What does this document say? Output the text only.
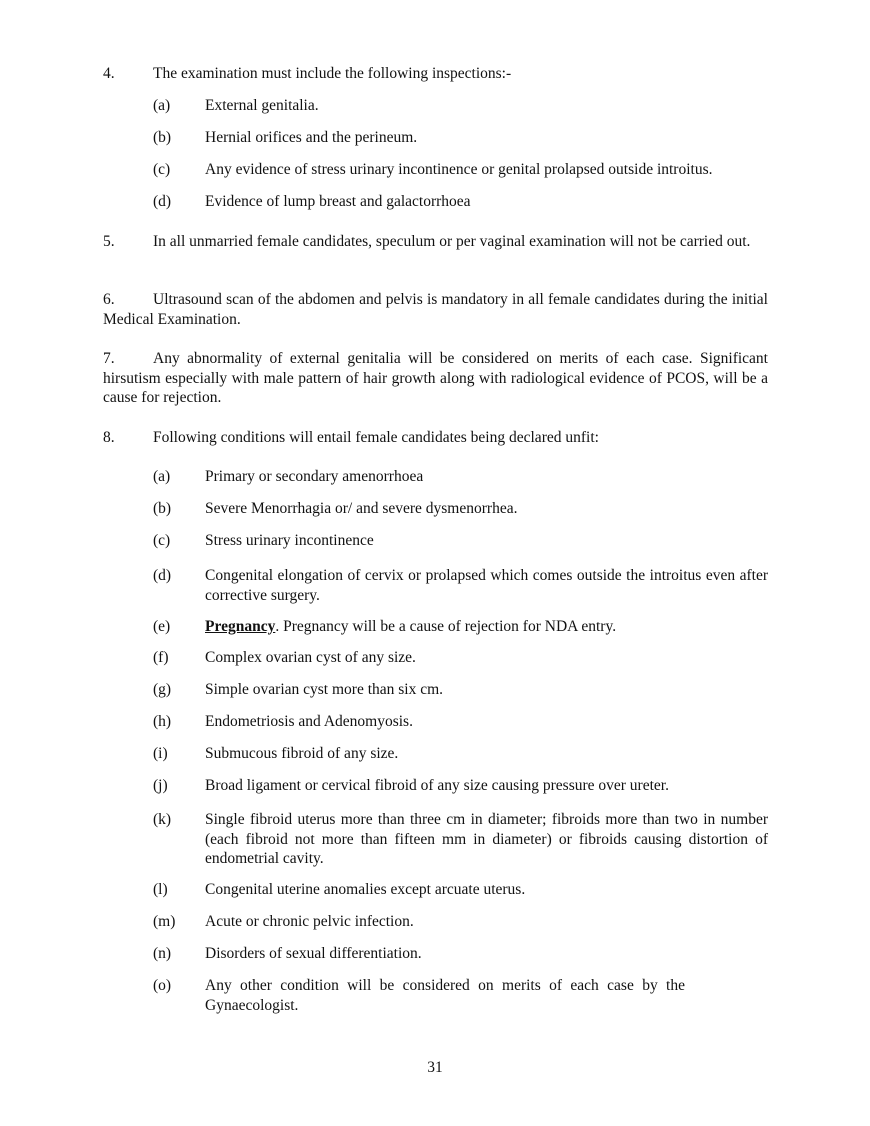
4.	The examination must include the following inspections:-
(a)	External genitalia.
(b)	Hernial orifices and the perineum.
(c)	Any evidence of stress urinary incontinence or genital prolapsed outside introitus.
(d)	Evidence of lump breast and galactorrhoea
5. In all unmarried female candidates, speculum or per vaginal examination will not be carried out.
6. Ultrasound scan of the abdomen and pelvis is mandatory in all female candidates during the initial Medical Examination.
7. Any abnormality of external genitalia will be considered on merits of each case. Significant hirsutism especially with male pattern of hair growth along with radiological evidence of PCOS, will be a cause for rejection.
8.	Following conditions will entail female candidates being declared unfit:
(a)	Primary or secondary amenorrhoea
(b)	Severe Menorrhagia or/ and severe dysmenorrhea.
(c)	Stress urinary incontinence
(d)	Congenital elongation of cervix or prolapsed which comes outside the introitus even after corrective surgery.
(e)	Pregnancy. Pregnancy will be a cause of rejection for NDA entry.
(f)	Complex ovarian cyst of any size.
(g)	Simple ovarian cyst more than six cm.
(h)	Endometriosis and Adenomyosis.
(i)	Submucous fibroid of any size.
(j)	Broad ligament or cervical fibroid of any size causing pressure over ureter.
(k)	Single fibroid uterus more than three cm in diameter; fibroids more than two in number (each fibroid not more than fifteen mm in diameter) or fibroids causing distortion of endometrial cavity.
(l)	Congenital uterine anomalies except arcuate uterus.
(m)	Acute or chronic pelvic infection.
(n)	Disorders of sexual differentiation.
(o)	Any other condition will be considered on merits of each case by the Gynaecologist.
31
